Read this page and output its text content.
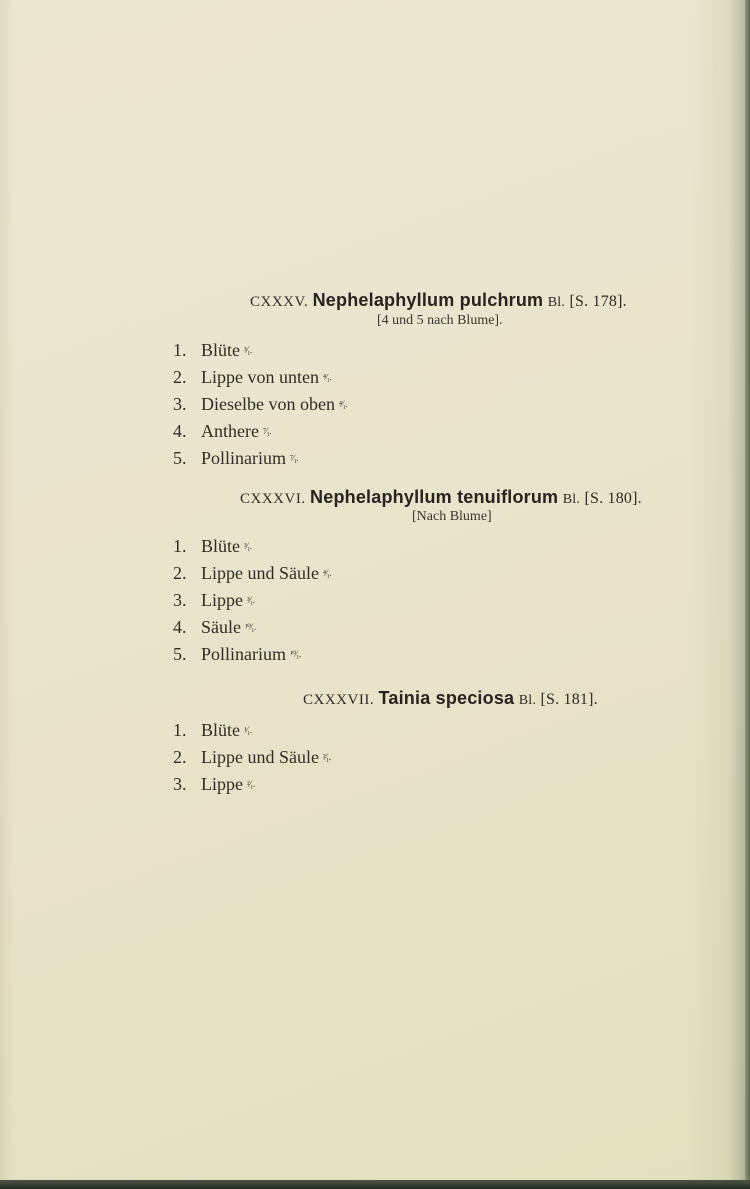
CXXXV. Nephelaphyllum pulchrum Bl. [S. 178].
[4 und 5 nach Blume].
1. Blüte ³⁄₁.
2. Lippe von unten ⁴⁄₁.
3. Dieselbe von oben ⁴⁄₁.
4. Anthere ⁷⁄₁.
5. Pollinarium ⁷⁄₁.
CXXXVI. Nephelaphyllum tenuiflorum Bl. [S. 180].
[Nach Blume]
1. Blüte ³⁄₁.
2. Lippe und Säule ⁴⁄₁.
3. Lippe ³⁄₁.
4. Säule ¹⁰⁄₁.
5. Pollinarium ¹⁰⁄₁.
CXXXVII. Tainia speciosa Bl. [S. 181].
1. Blüte ¹⁄₁.
2. Lippe und Säule ²⁄₁.
3. Lippe ²⁄₁.
